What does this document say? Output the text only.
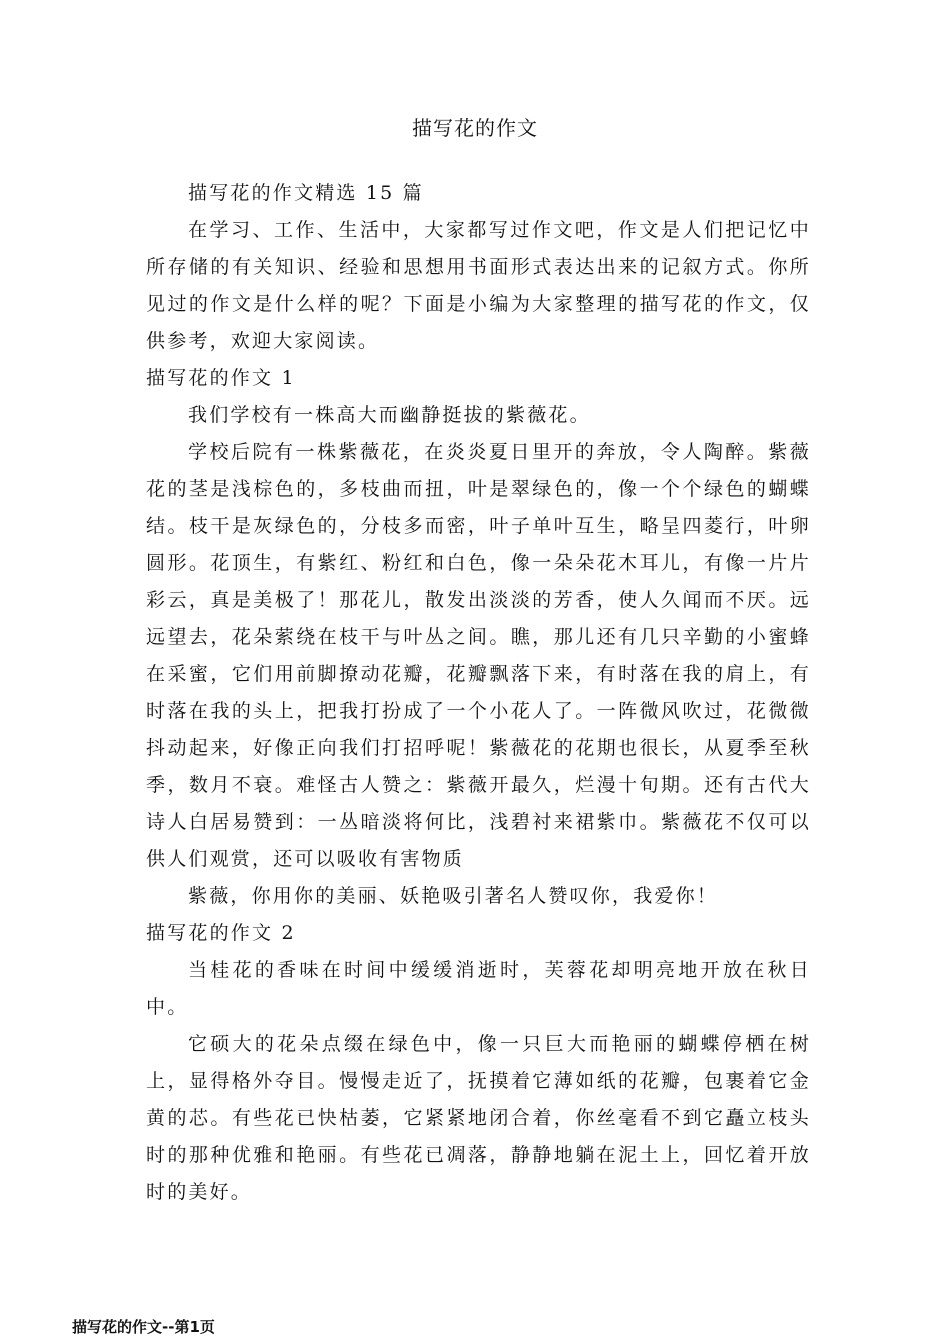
描写花的作文

描写花的作文精选 15 篇

在学习、工作、生活中，大家都写过作文吧，作文是人们把记忆中所存储的有关知识、经验和思想用书面形式表达出来的记叙方式。你所见过的作文是什么样的呢？下面是小编为大家整理的描写花的作文，仅供参考，欢迎大家阅读。

描写花的作文 1

我们学校有一株高大而幽静挺拔的紫薇花。

学校后院有一株紫薇花，在炎炎夏日里开的奔放，令人陶醉。紫薇花的茎是浅棕色的，多枝曲而扭，叶是翠绿色的，像一个个绿色的蝴蝶结。枝干是灰绿色的，分枝多而密，叶子单叶互生，略呈四菱行，叶卵圆形。花顶生，有紫红、粉红和白色，像一朵朵花木耳儿，有像一片片彩云，真是美极了！那花儿，散发出淡淡的芳香，使人久闻而不厌。远远望去，花朵萦绕在枝干与叶丛之间。瞧，那儿还有几只辛勤的小蜜蜂在采蜜，它们用前脚撩动花瓣，花瓣飘落下来，有时落在我的肩上，有时落在我的头上，把我打扮成了一个小花人了。一阵微风吹过，花微微抖动起来，好像正向我们打招呼呢！紫薇花的花期也很长，从夏季至秋季，数月不衰。难怪古人赞之：紫薇开最久，烂漫十旬期。还有古代大诗人白居易赞到：一丛暗淡将何比，浅碧衬来裙紫巾。紫薇花不仅可以供人们观赏，还可以吸收有害物质

紫薇，你用你的美丽、妖艳吸引著名人赞叹你，我爱你！

描写花的作文 2

当桂花的香味在时间中缓缓消逝时，芙蓉花却明亮地开放在秋日中。

它硕大的花朵点缀在绿色中，像一只巨大而艳丽的蝴蝶停栖在树上，显得格外夺目。慢慢走近了，抚摸着它薄如纸的花瓣，包裹着它金黄的芯。有些花已快枯萎，它紧紧地闭合着，你丝毫看不到它矗立枝头时的那种优雅和艳丽。有些花已凋落，静静地躺在泥土上，回忆着开放时的美好。

描写花的作文--第1页
